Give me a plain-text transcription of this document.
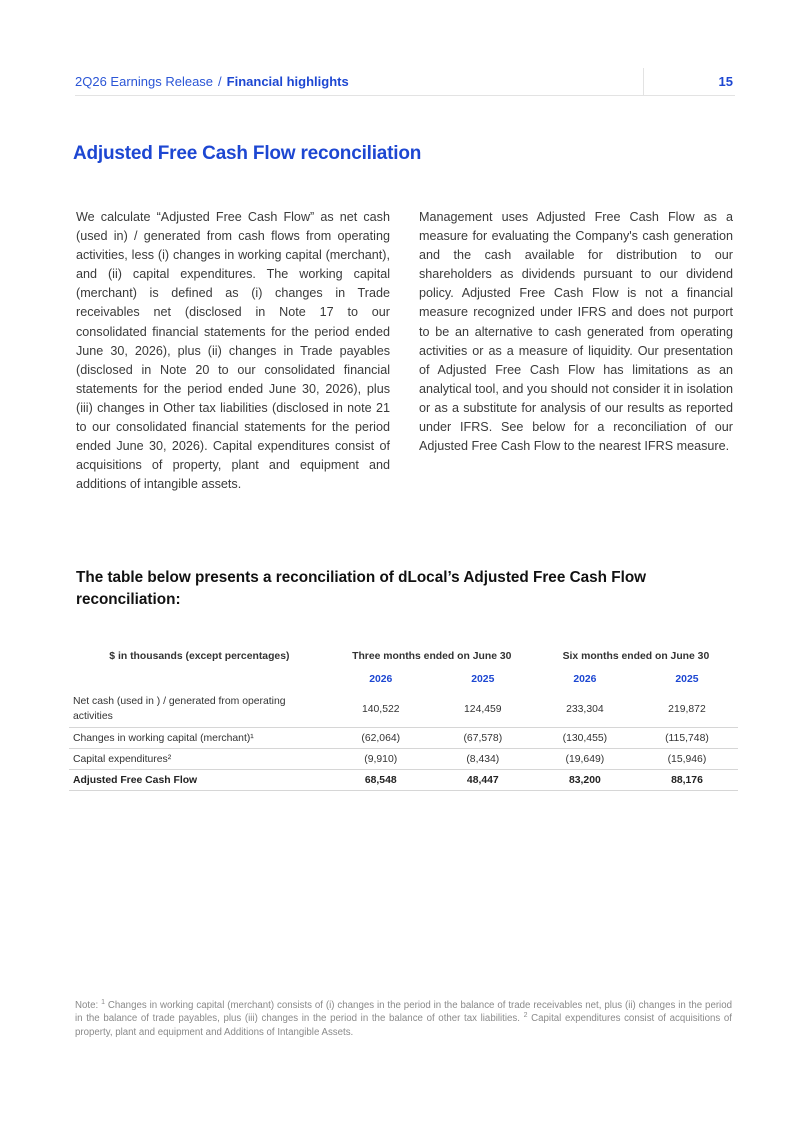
2Q26 Earnings Release / Financial highlights	15
Adjusted Free Cash Flow reconciliation

We calculate “Adjusted Free Cash Flow” as net cash (used in) / generated from cash flows from operating activities, less (i) changes in working capital (merchant), and (ii) capital expenditures. The working capital (merchant) is defined as (i) changes in Trade receivables net (disclosed in Note 17 to our consolidated financial statements for the period ended June 30, 2026), plus (ii) changes in Trade payables (disclosed in Note 20 to our consolidated financial statements for the period ended June 30, 2026), plus (iii) changes in Other tax liabilities (disclosed in note 21 to our consolidated financial statements for the period ended June 30, 2026). Capital expenditures consist of acquisitions of property, plant and equipment and additions of intangible assets.

Management uses Adjusted Free Cash Flow as a measure for evaluating the Company's cash generation and the cash available for distribution to our shareholders as dividends pursuant to our dividend policy. Adjusted Free Cash Flow is not a financial measure recognized under IFRS and does not purport to be an alternative to cash generated from operating activities or as a measure of liquidity. Our presentation of Adjusted Free Cash Flow has limitations as an analytical tool, and you should not consider it in isolation or as a substitute for analysis of our results as reported under IFRS. See below for a reconciliation of our Adjusted Free Cash Flow to the nearest IFRS measure.

The table below presents a reconciliation of dLocal’s Adjusted Free Cash Flow reconciliation:
$ in thousands (except percentages)	Three months ended on June 30		Six months ended on June 30	
	2026	2025	2026	2025
Net cash (used in ) / generated from operating activities	140,522	124,459	233,304	219,872
Changes in working capital (merchant)¹	(62,064)	(67,578)	(130,455)	(115,748)
Capital expenditures²	(9,910)	(8,434)	(19,649)	(15,946)
Adjusted Free Cash Flow	68,548	48,447	83,200	88,176

Note: $^1$ Changes in working capital (merchant) consists of (i) changes in the period in the balance of trade receivables net, plus (ii) changes in the period in the balance of trade payables, plus (iii) changes in the period in the balance of other tax liabilities. $^2$ Capital expenditures consist of acquisitions of property, plant and equipment and Additions of Intangible Assets.
